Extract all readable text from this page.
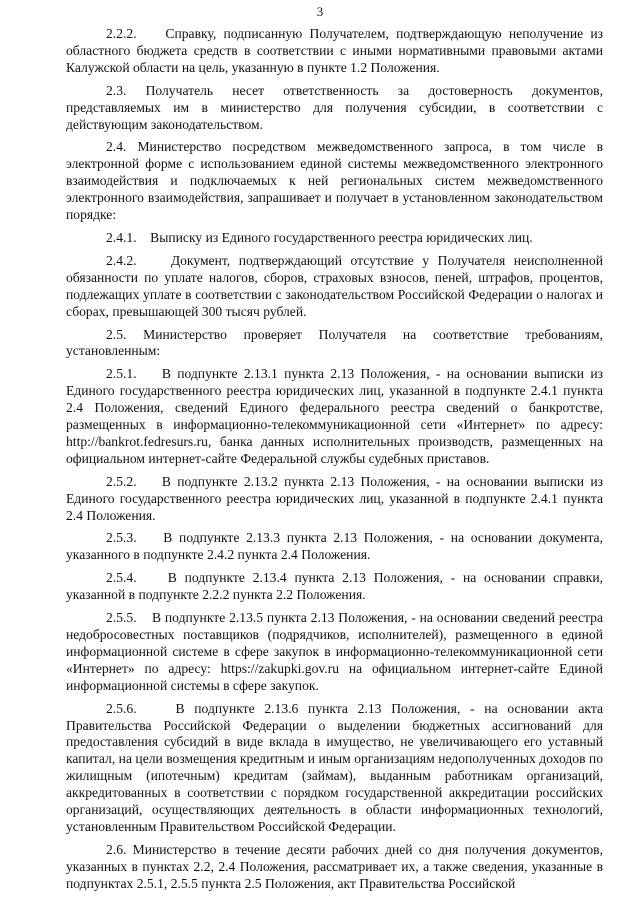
3

2.2.2.    Справку, подписанную Получателем, подтверждающую неполучение из областного бюджета средств в соответствии с иными нормативными правовыми актами Калужской области на цель, указанную в пункте 1.2 Положения.

2.3. Получатель несет ответственность за достоверность документов, представляемых им в министерство для получения субсидии, в соответствии с действующим законодательством.

2.4. Министерство посредством межведомственного запроса, в том числе в электронной форме с использованием единой системы межведомственного электронного взаимодействия и подключаемых к ней региональных систем межведомственного электронного взаимодействия, запрашивает и получает в установленном законодательством порядке:

2.4.1.    Выписку из Единого государственного реестра юридических лиц.

2.4.2.    Документ, подтверждающий отсутствие у Получателя неисполненной обязанности по уплате налогов, сборов, страховых взносов, пеней, штрафов, процентов, подлежащих уплате в соответствии с законодательством Российской Федерации о налогах и сборах, превышающей 300 тысяч рублей.

2.5. Министерство проверяет Получателя на соответствие требованиям, установленным:

2.5.1.    В подпункте 2.13.1 пункта 2.13 Положения, - на основании выписки из Единого государственного реестра юридических лиц, указанной в подпункте 2.4.1 пункта 2.4 Положения, сведений Единого федерального реестра сведений о банкротстве, размещенных в информационно-телекоммуникационной сети «Интернет» по адресу: http://bankrot.fedresurs.ru, банка данных исполнительных производств, размещенных на официальном интернет-сайте Федеральной службы судебных приставов.

2.5.2.    В подпункте 2.13.2 пункта 2.13 Положения, - на основании выписки из Единого государственного реестра юридических лиц, указанной в подпункте 2.4.1 пункта 2.4 Положения.

2.5.3.    В подпункте 2.13.3 пункта 2.13 Положения, - на основании документа, указанного в подпункте 2.4.2 пункта 2.4 Положения.

2.5.4.    В подпункте 2.13.4 пункта 2.13 Положения, - на основании справки, указанной в подпункте 2.2.2 пункта 2.2 Положения.

2.5.5.    В подпункте 2.13.5 пункта 2.13 Положения, - на основании сведений реестра недобросовестных поставщиков (подрядчиков, исполнителей), размещенного в единой информационной системе в сфере закупок в информационно-телекоммуникационной сети «Интернет» по адресу: https://zakupki.gov.ru на официальном интернет-сайте Единой информационной системы в сфере закупок.

2.5.6.    В подпункте 2.13.6 пункта 2.13 Положения, - на основании акта Правительства Российской Федерации о выделении бюджетных ассигнований для предоставления субсидий в виде вклада в имущество, не увеличивающего его уставный капитал, на цели возмещения кредитным и иным организациям недополученных доходов по жилищным (ипотечным) кредитам (займам), выданным работникам организаций, аккредитованных в соответствии с порядком государственной аккредитации российских организаций, осуществляющих деятельность в области информационных технологий, установленным Правительством Российской Федерации.

2.6. Министерство в течение десяти рабочих дней со дня получения документов, указанных в пунктах 2.2, 2.4 Положения, рассматривает их, а также сведения, указанные в подпунктах 2.5.1, 2.5.5 пункта 2.5 Положения, акт Правительства Российской
